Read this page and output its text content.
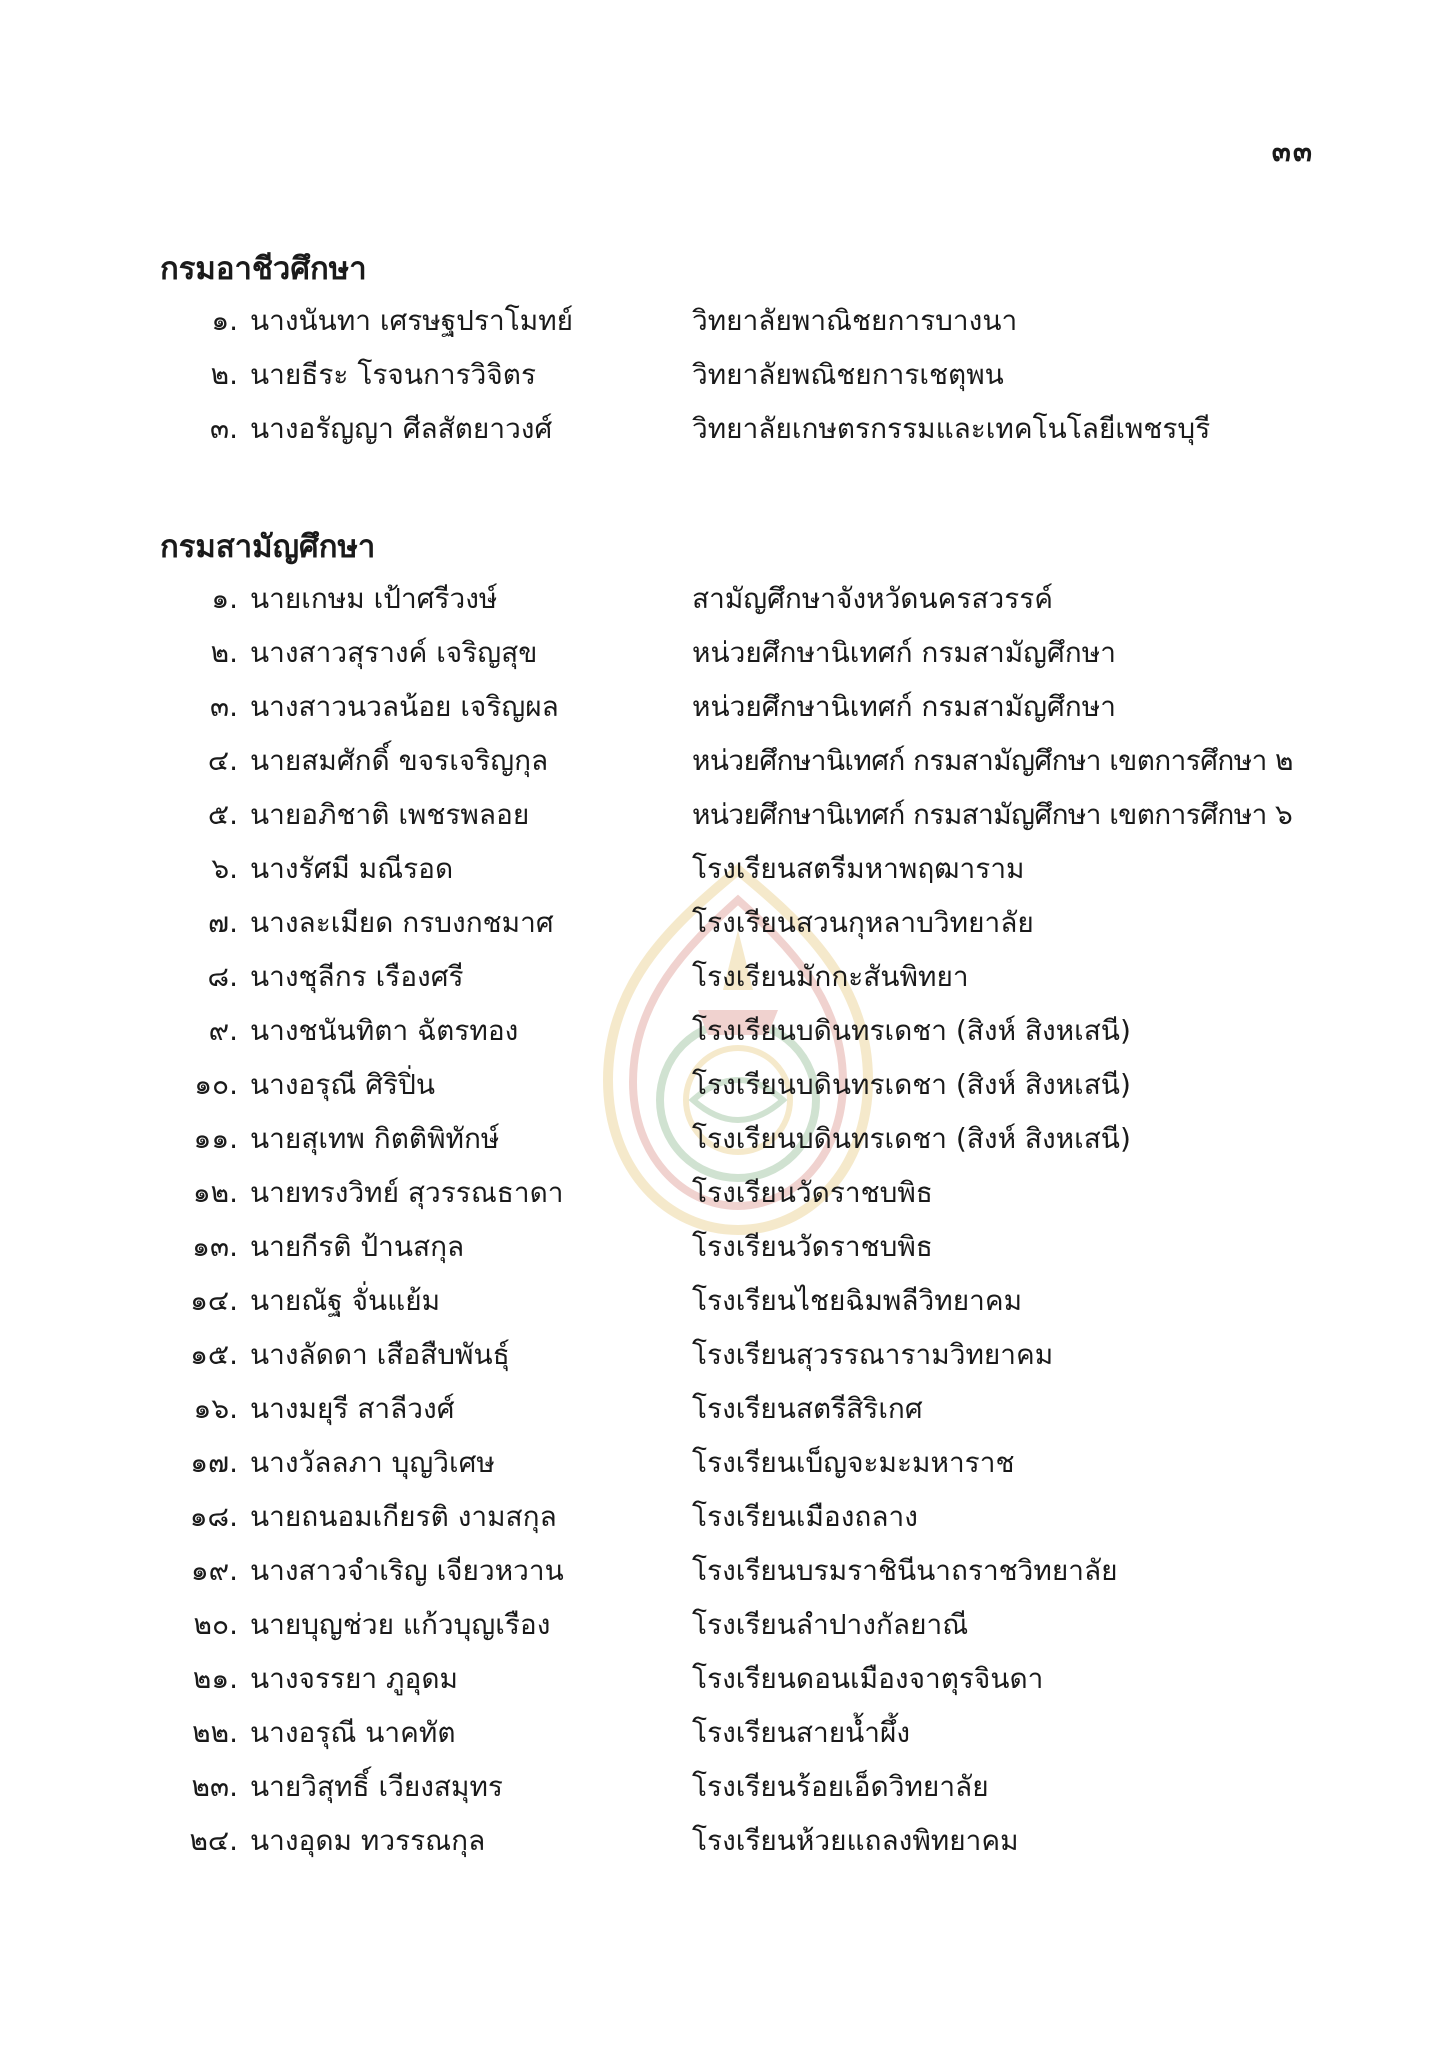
๓๓
กรมอาชีวศึกษา
๑. นางนันทา เศรษฐปราโมทย์	วิทยาลัยพาณิชยการบางนา
๒. นายธีระ โรจนการวิจิตร	วิทยาลัยพณิชยการเชตุพน
๓. นางอรัญญา ศีลสัตยาวงศ์	วิทยาลัยเกษตรกรรมและเทคโนโลยีเพชรบุรี
กรมสามัญศึกษา
๑. นายเกษม เป้าศรีวงษ์	สามัญศึกษาจังหวัดนครสวรรค์
๒. นางสาวสุรางค์ เจริญสุข	หน่วยศึกษานิเทศก์ กรมสามัญศึกษา
๓. นางสาวนวลน้อย เจริญผล	หน่วยศึกษานิเทศก์ กรมสามัญศึกษา
๔. นายสมศักดิ์ ขจรเจริญกุล	หน่วยศึกษานิเทศก์ กรมสามัญศึกษา เขตการศึกษา ๒
๕. นายอภิชาติ เพชรพลอย	หน่วยศึกษานิเทศก์ กรมสามัญศึกษา เขตการศึกษา ๖
๖. นางรัศมี มณีรอด	โรงเรียนสตรีมหาพฤฒาราม
๗. นางละเมียด กรบงกชมาศ	โรงเรียนสวนกุหลาบวิทยาลัย
๘. นางชุลีกร เรืองศรี	โรงเรียนมักกะสันพิทยา
๙. นางชนันทิตา ฉัตรทอง	โรงเรียนบดินทรเดชา (สิงห์ สิงหเสนี)
๑๐. นางอรุณี ศิริปิ่น	โรงเรียนบดินทรเดชา (สิงห์ สิงหเสนี)
๑๑. นายสุเทพ กิตติพิทักษ์	โรงเรียนบดินทรเดชา (สิงห์ สิงหเสนี)
๑๒. นายทรงวิทย์ สุวรรณธาดา	โรงเรียนวัดราชบพิธ
๑๓. นายกีรติ ป้านสกุล	โรงเรียนวัดราชบพิธ
๑๔. นายณัฐ จั่นแย้ม	โรงเรียนไชยฉิมพลีวิทยาคม
๑๕. นางลัดดา เสือสืบพันธุ์	โรงเรียนสุวรรณารามวิทยาคม
๑๖. นางมยุรี สาลีวงศ์	โรงเรียนสตรีสิริเกศ
๑๗. นางวัลลภา บุญวิเศษ	โรงเรียนเบ็ญจะมะมหาราช
๑๘. นายถนอมเกียรติ งามสกุล	โรงเรียนเมืองถลาง
๑๙. นางสาวจำเริญ เจียวหวาน	โรงเรียนบรมราชินีนาถราชวิทยาลัย
๒๐. นายบุญช่วย แก้วบุญเรือง	โรงเรียนลำปางกัลยาณี
๒๑. นางจรรยา ภูอุดม	โรงเรียนดอนเมืองจาตุรจินดา
๒๒. นางอรุณี นาคทัต	โรงเรียนสายน้ำผึ้ง
๒๓. นายวิสุทธิ์ เวียงสมุทร	โรงเรียนร้อยเอ็ดวิทยาลัย
๒๔. นางอุดม ทวรรณกุล	โรงเรียนห้วยแถลงพิทยาคม
